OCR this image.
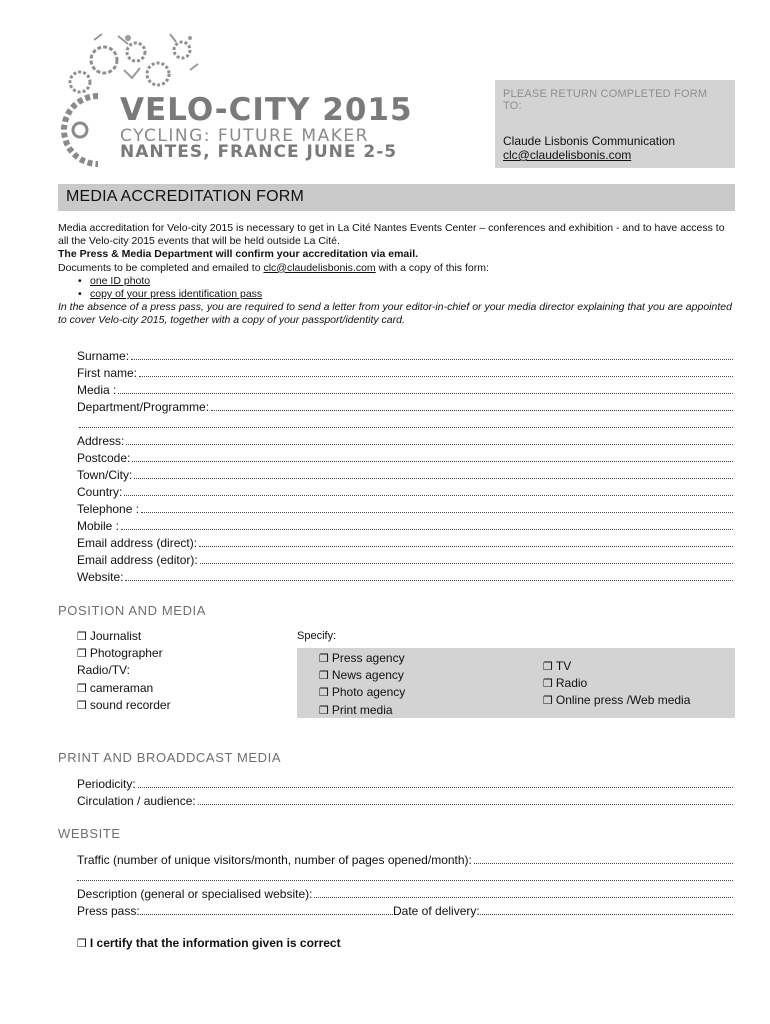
VELO-CITY 2015
CYCLING: FUTURE MAKER
NANTES, FRANCE JUNE 2-5
PLEASE RETURN COMPLETED FORM TO:
Claude Lisbonis Communication
clc@claudelisbonis.com
MEDIA ACCREDITATION FORM
Media accreditation for Velo-city 2015 is necessary to get in La Cité Nantes Events Center – conferences and exhibition - and to have access to all the Velo-city 2015 events that will be held outside La Cité.
The Press & Media Department will confirm your accreditation via email.
Documents to be completed and emailed to clc@claudelisbonis.com with a copy of this form:
• one ID photo
• copy of your press identification pass
In the absence of a press pass, you are required to send a letter from your editor-in-chief or your media director explaining that you are appointed to cover Velo-city 2015, together with a copy of your passport/identity card.
Surname:
First name:
Media :
Department/Programme:
Address:
Postcode:
Town/City:
Country:
Telephone :
Mobile :
Email address (direct):
Email address (editor):
Website:
POSITION AND MEDIA
❒ Journalist
❒ Photographer
Radio/TV:
❒ cameraman
❒ sound recorder
Specify:
❒ Press agency
❒ News agency
❒ Photo agency
❒ Print media
❒ TV
❒ Radio
❒ Online press /Web media
PRINT AND BROADDCAST MEDIA
Periodicity:
Circulation / audience:
WEBSITE
Traffic (number of unique visitors/month, number of pages opened/month):
Description (general or specialised website):
Press pass:	Date of delivery:
❒ I certify that the information given is correct
